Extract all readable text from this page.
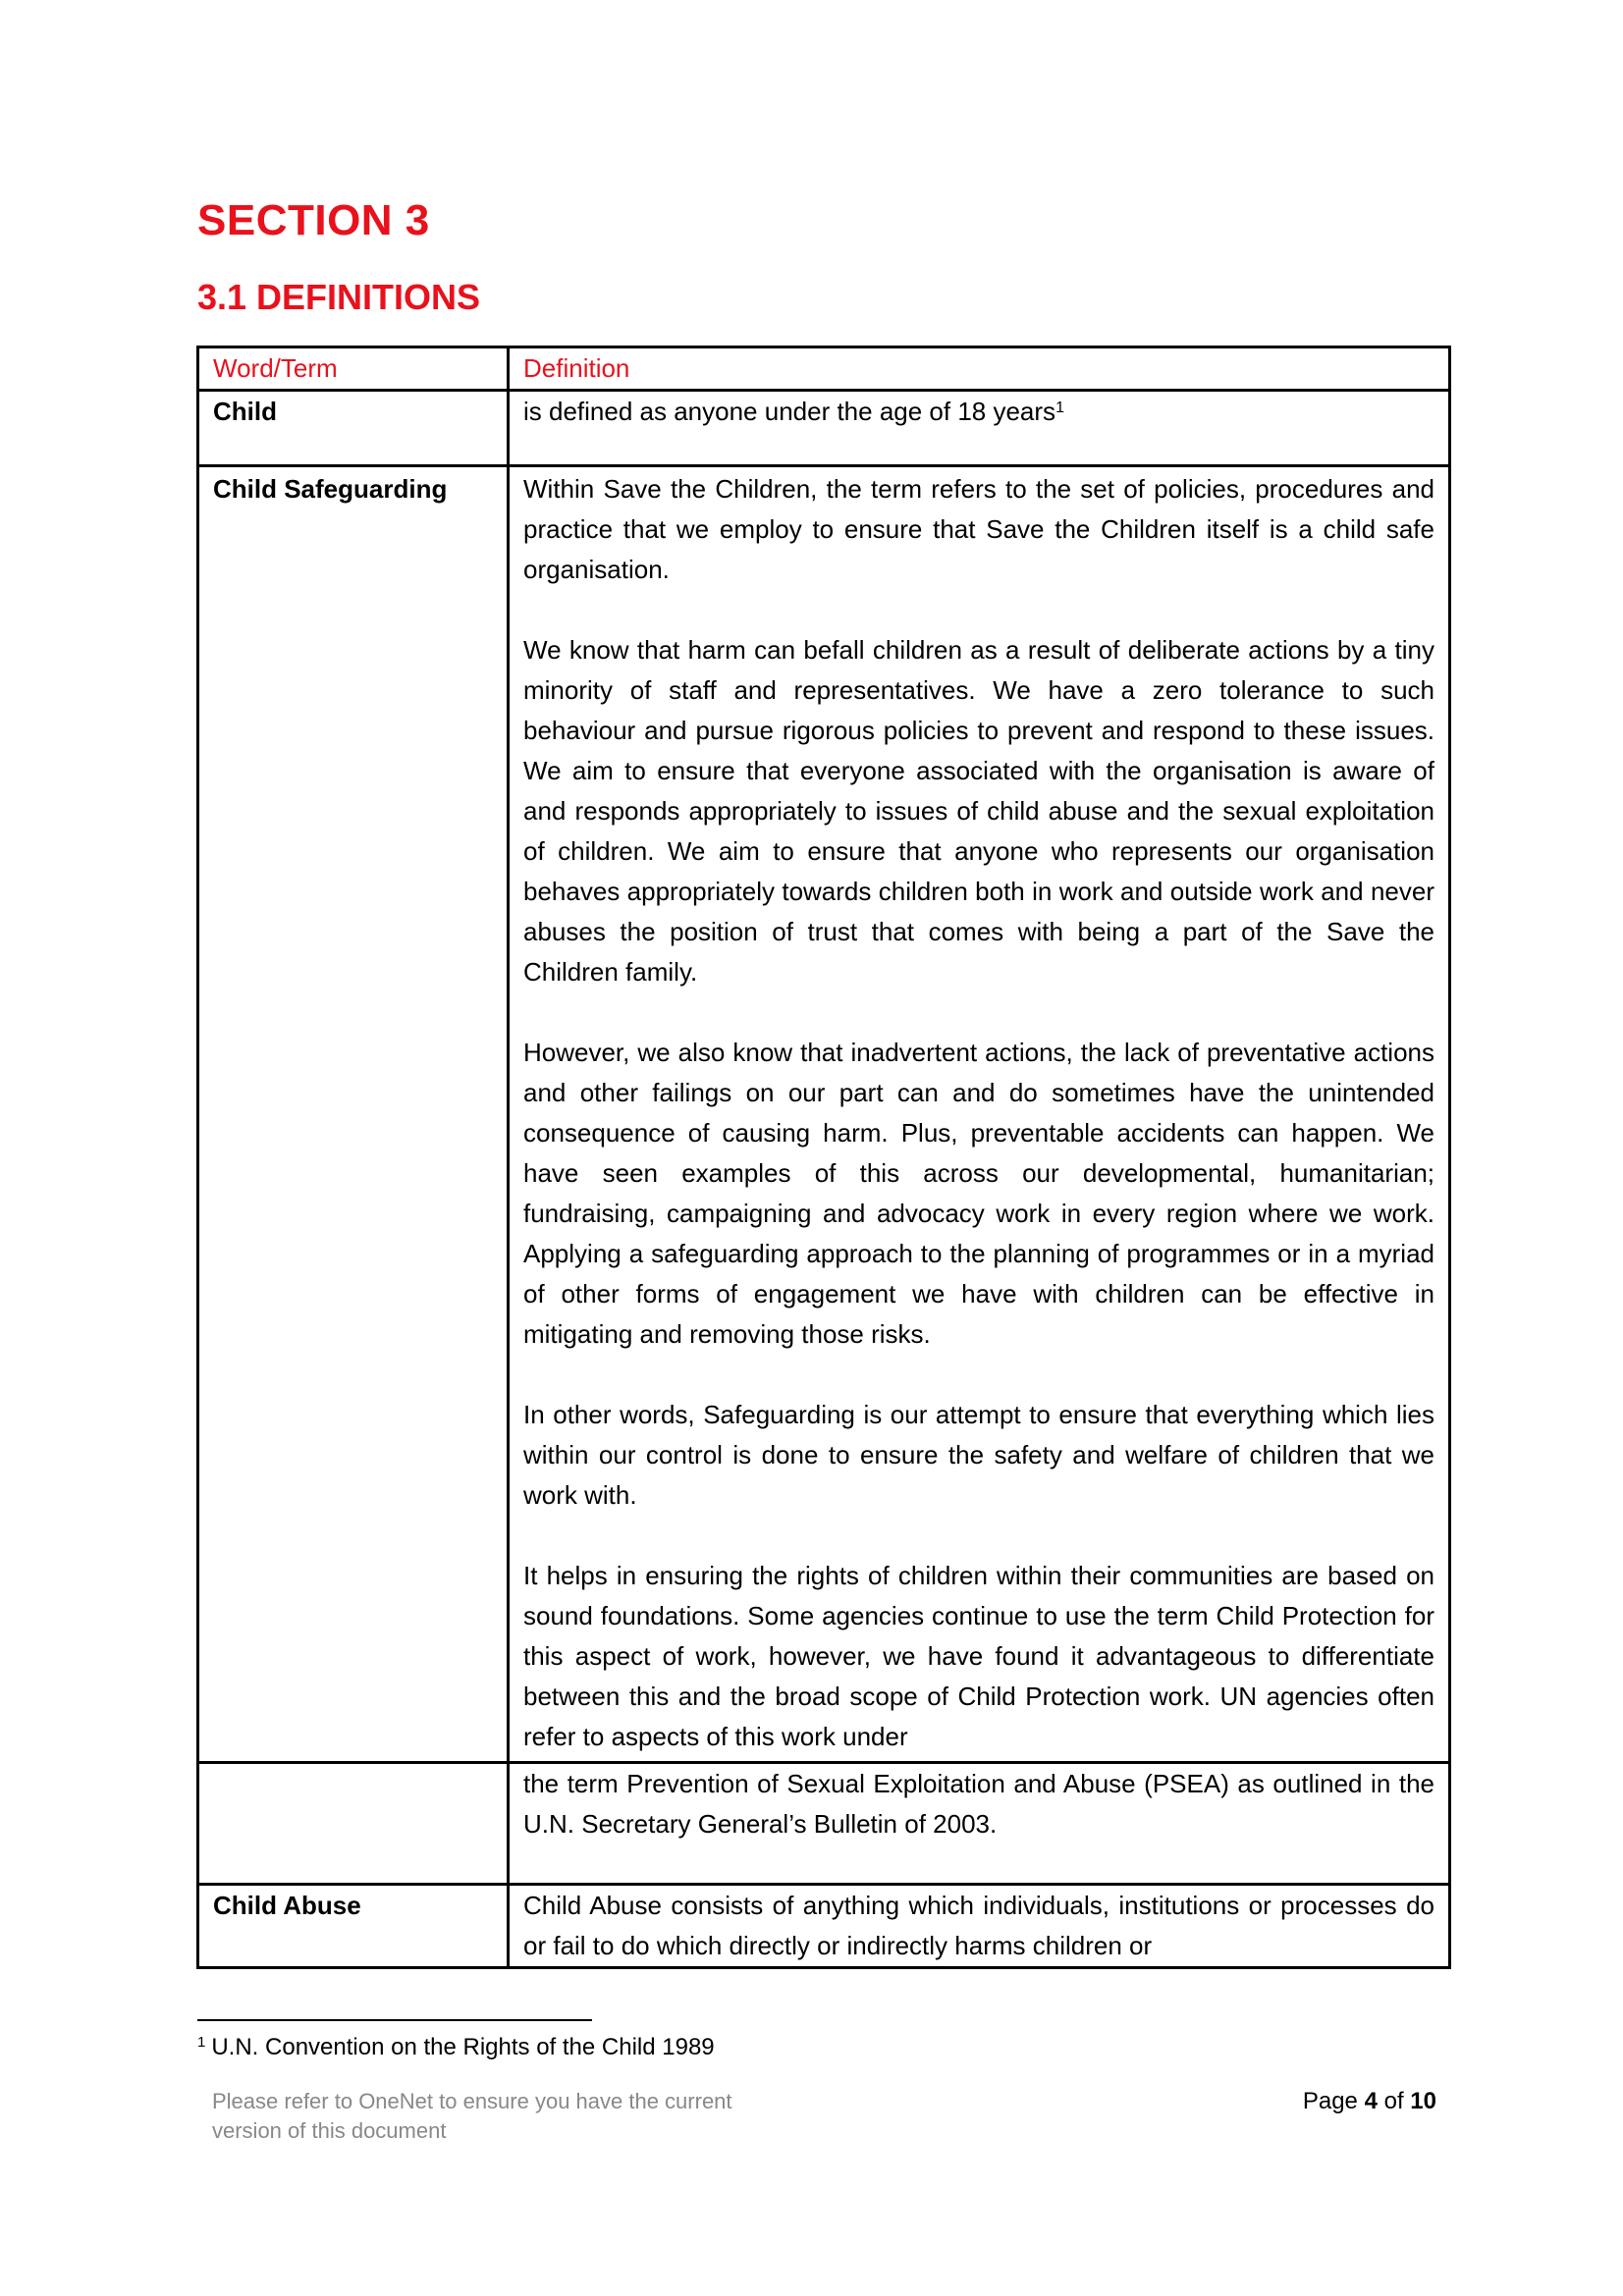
SECTION 3
3.1 DEFINITIONS
Word/Term	Definition
Child	is defined as anyone under the age of 18 years$^1$

Child Safeguarding	Within Save the Children, the term refers to the set of policies, procedures and practice that we employ to ensure that Save the Children itself is a child safe organisation.

We know that harm can befall children as a result of deliberate actions by a tiny minority of staff and representatives. We have a zero tolerance to such behaviour and pursue rigorous policies to prevent and respond to these issues. We aim to ensure that everyone associated with the organisation is aware of and responds appropriately to issues of child abuse and the sexual exploitation of children. We aim to ensure that anyone who represents our organisation behaves appropriately towards children both in work and outside work and never abuses the position of trust that comes with being a part of the Save the Children family.

However, we also know that inadvertent actions, the lack of preventative actions and other failings on our part can and do sometimes have the unintended consequence of causing harm. Plus, preventable accidents can happen. We have seen examples of this across our developmental, humanitarian; fundraising, campaigning and advocacy work in every region where we work. Applying a safeguarding approach to the planning of programmes or in a myriad of other forms of engagement we have with children can be effective in mitigating and removing those risks.

In other words, Safeguarding is our attempt to ensure that everything which lies within our control is done to ensure the safety and welfare of children that we work with.

It helps in ensuring the rights of children within their communities are based on sound foundations. Some agencies continue to use the term Child Protection for this aspect of work, however, we have found it advantageous to differentiate between this and the broad scope of Child Protection work. UN agencies often refer to aspects of this work under

	the term Prevention of Sexual Exploitation and Abuse (PSEA) as outlined in the U.N. Secretary General’s Bulletin of 2003.

Child Abuse	Child Abuse consists of anything which individuals, institutions or processes do or fail to do which directly or indirectly harms children or

$^1$ U.N. Convention on the Rights of the Child 1989
Please refer to OneNet to ensure you have the current
version of this document
Page 4 of 10
